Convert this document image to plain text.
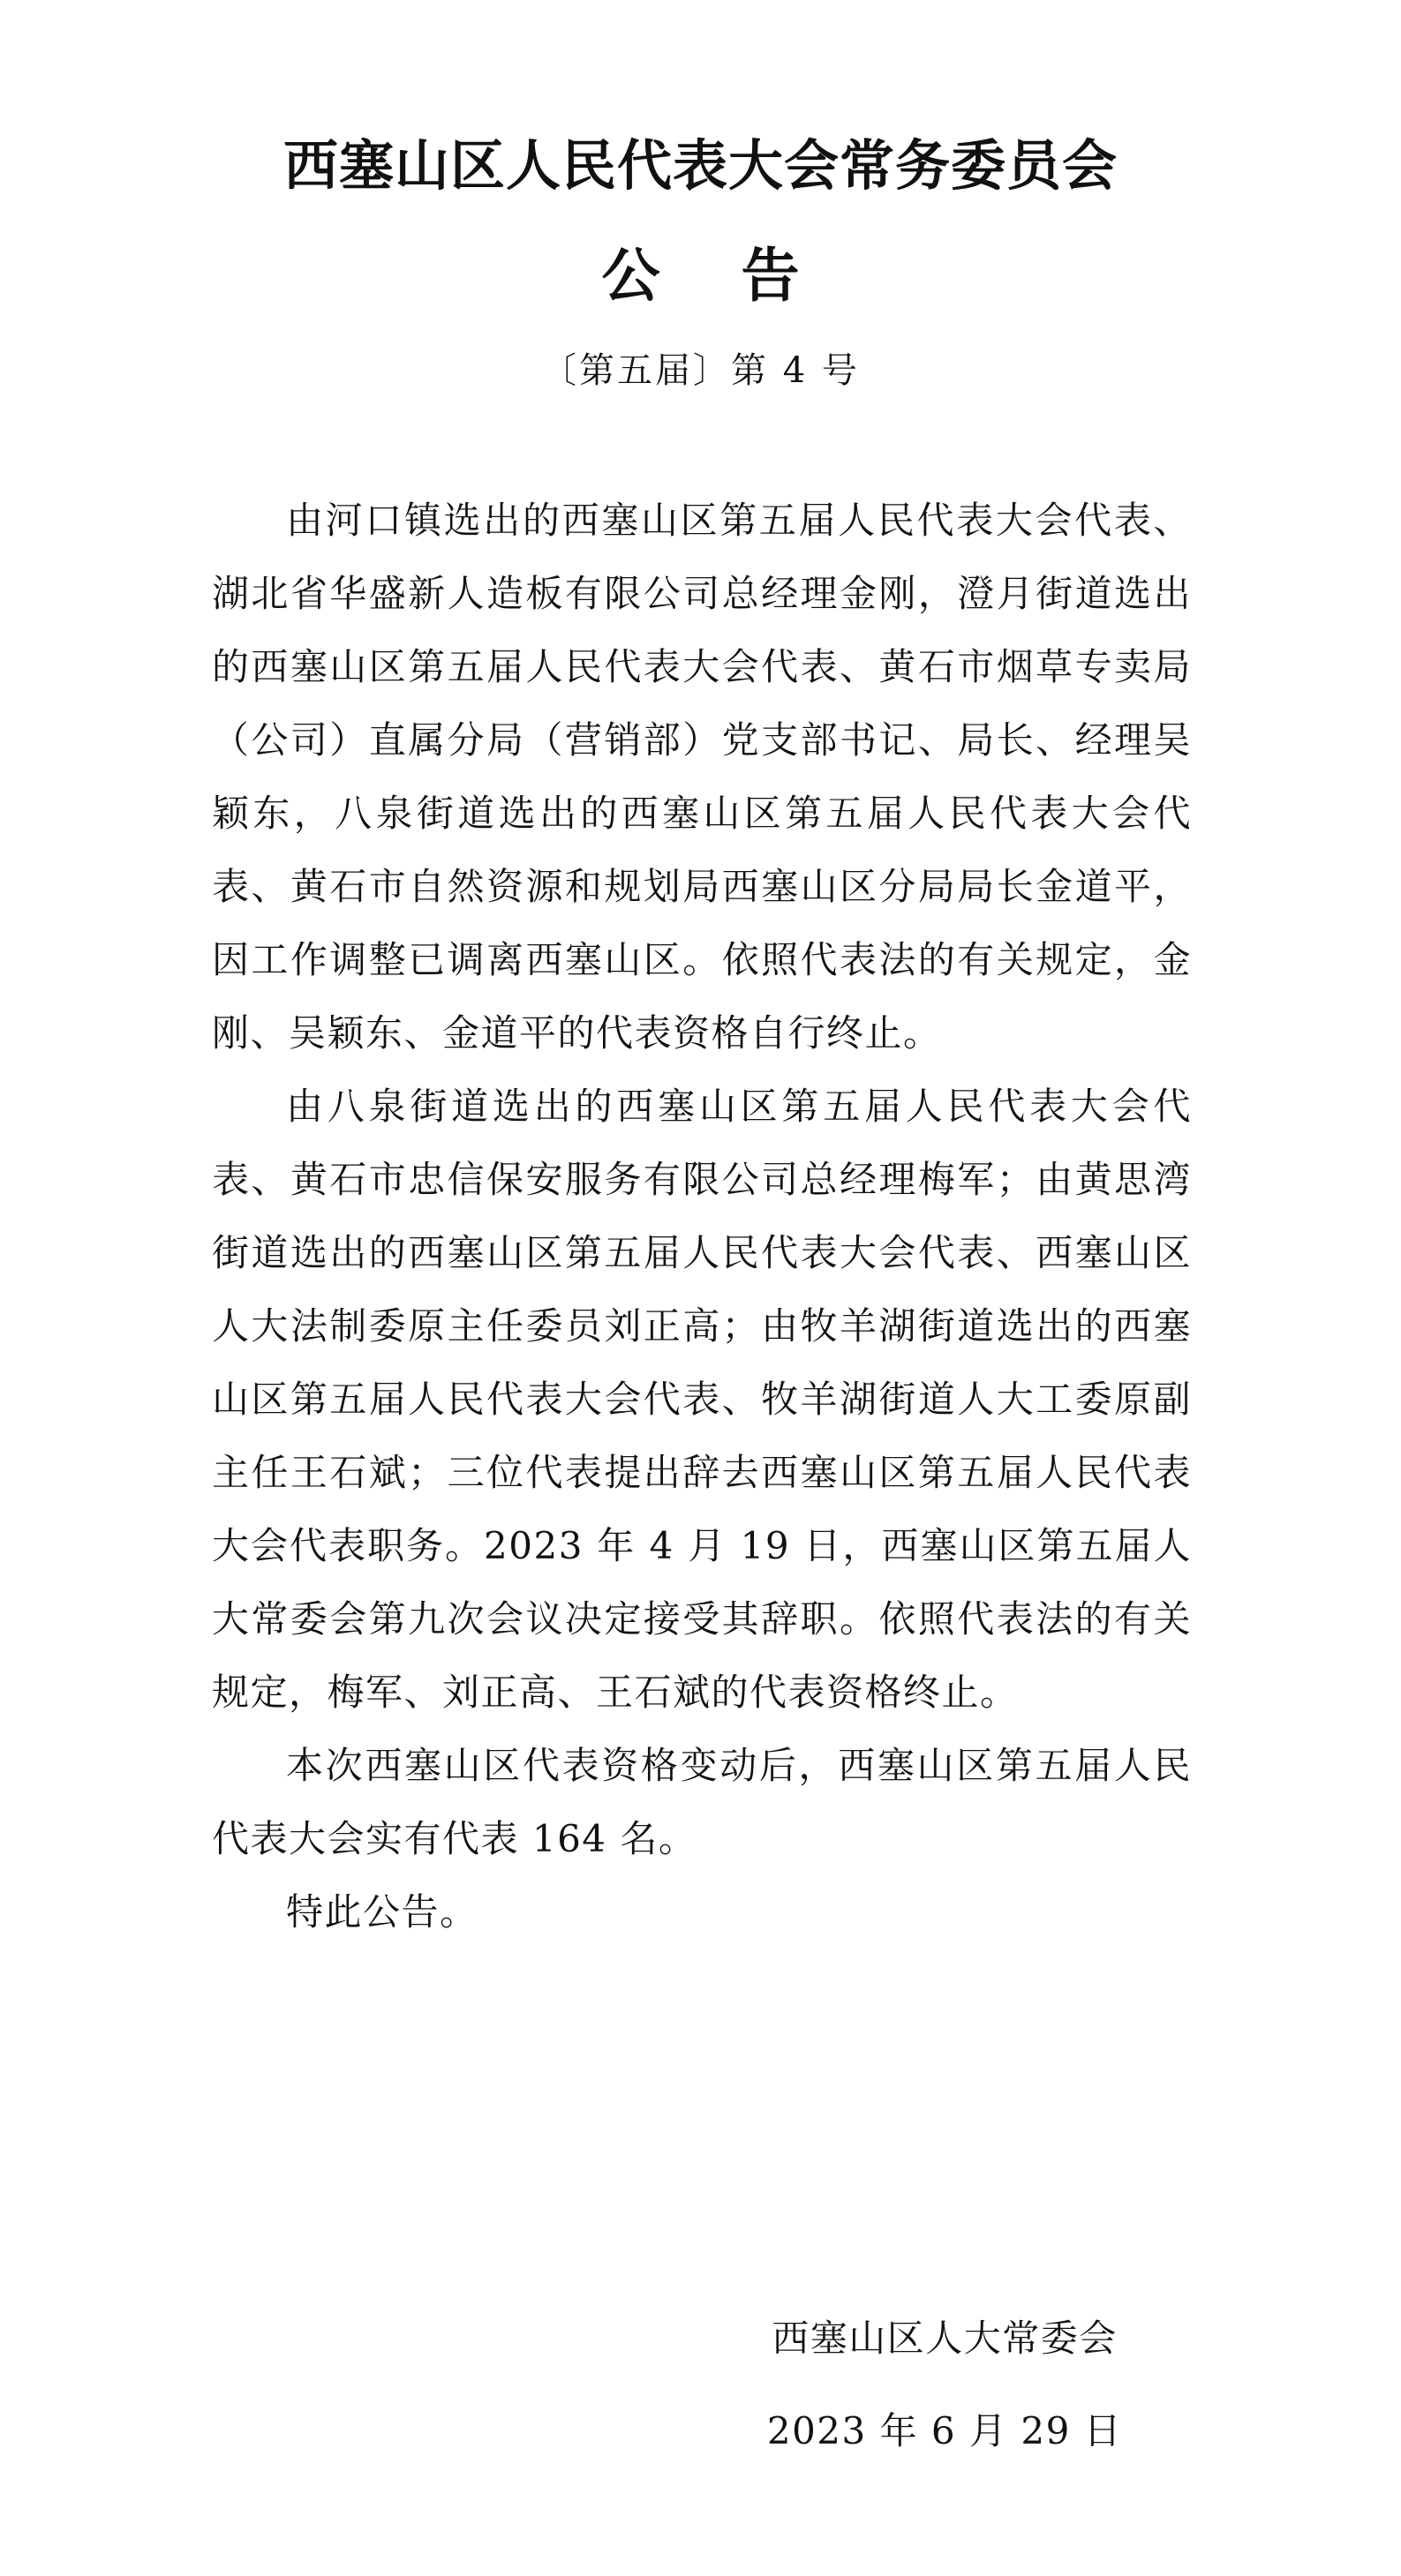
西塞山区人民代表大会常务委员会
公告
〔第五届〕第 4 号

由河口镇选出的西塞山区第五届人民代表大会代表、湖北省华盛新人造板有限公司总经理金刚，澄月街道选出的西塞山区第五届人民代表大会代表、黄石市烟草专卖局（公司）直属分局（营销部）党支部书记、局长、经理吴颖东，八泉街道选出的西塞山区第五届人民代表大会代表、黄石市自然资源和规划局西塞山区分局局长金道平，因工作调整已调离西塞山区。依照代表法的有关规定，金刚、吴颖东、金道平的代表资格自行终止。

由八泉街道选出的西塞山区第五届人民代表大会代表、黄石市忠信保安服务有限公司总经理梅军；由黄思湾街道选出的西塞山区第五届人民代表大会代表、西塞山区人大法制委原主任委员刘正高；由牧羊湖街道选出的西塞山区第五届人民代表大会代表、牧羊湖街道人大工委原副主任王石斌；三位代表提出辞去西塞山区第五届人民代表大会代表职务。2023 年 4 月 19 日，西塞山区第五届人大常委会第九次会议决定接受其辞职。依照代表法的有关规定，梅军、刘正高、王石斌的代表资格终止。

本次西塞山区代表资格变动后，西塞山区第五届人民代表大会实有代表 164 名。

特此公告。

西塞山区人大常委会
2023 年 6 月 29 日
